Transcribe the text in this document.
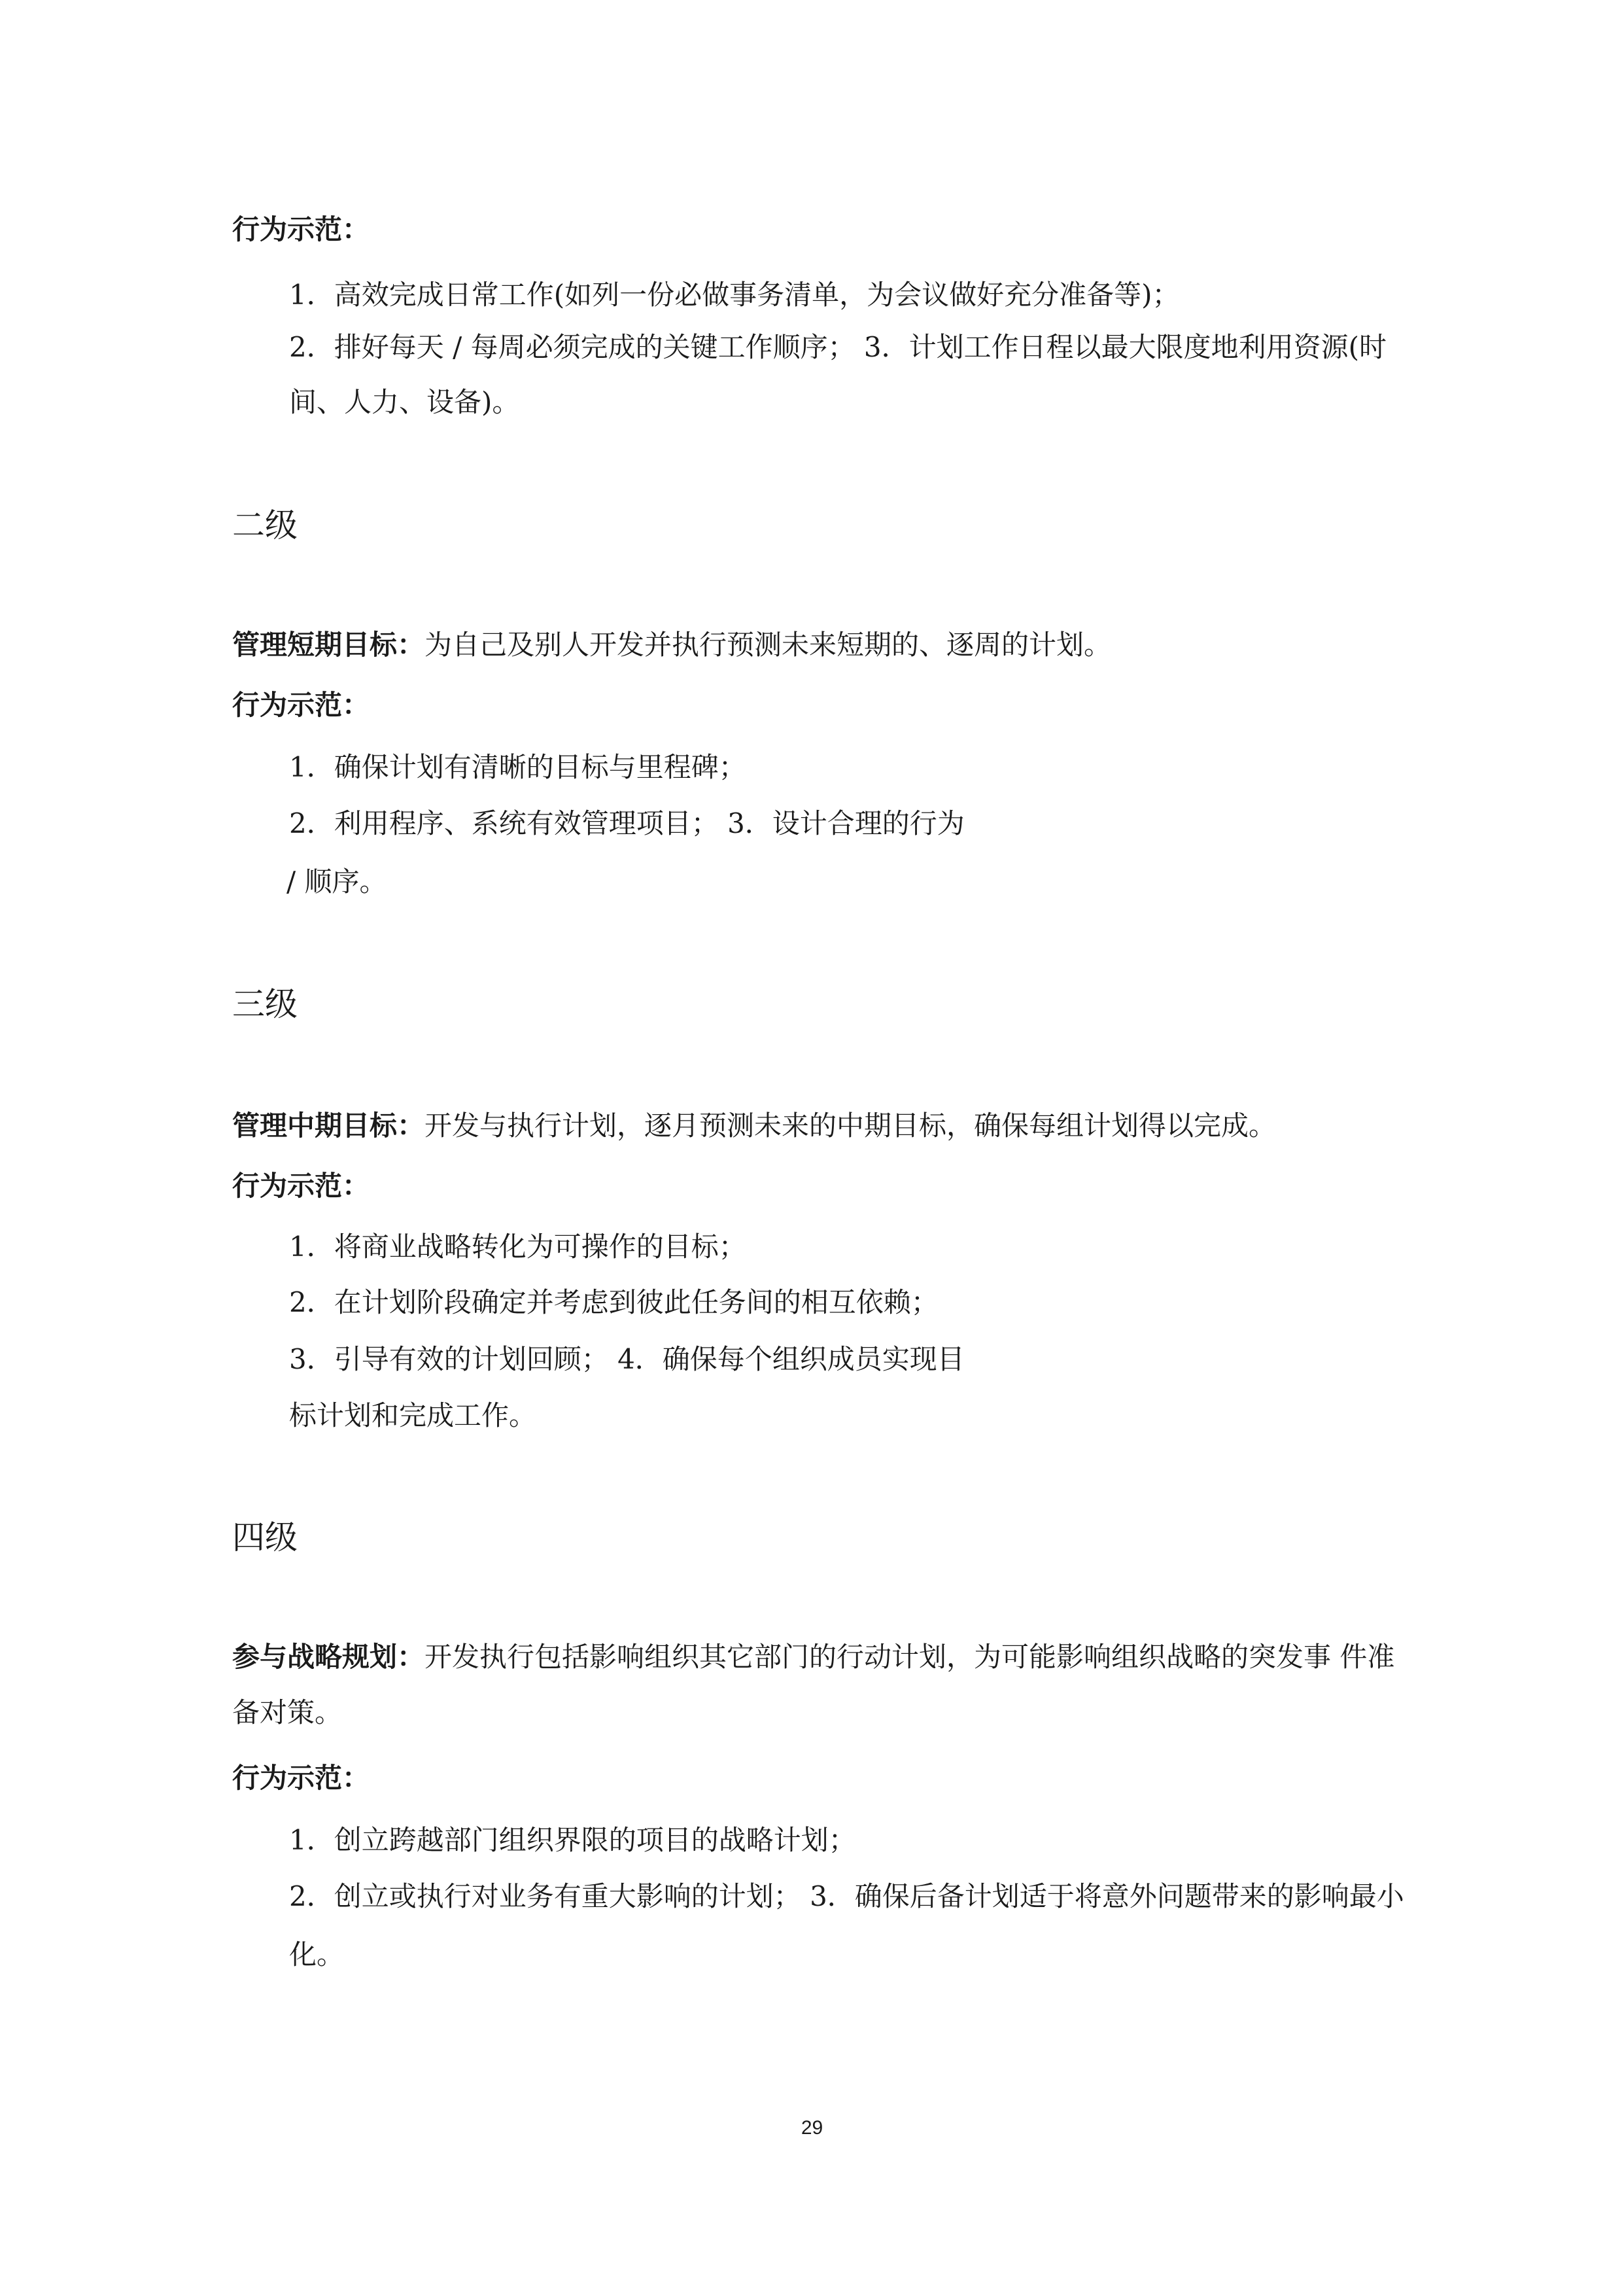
行为示范：
1．高效完成日常工作(如列一份必做事务清单，为会议做好充分准备等)；
2．排好每天 / 每周必须完成的关键工作顺序； 3．计划工作日程以最大限度地利用资源(时
间、人力、设备)。
二级
管理短期目标：为自己及别人开发并执行预测未来短期的、逐周的计划。
行为示范：
1．确保计划有清晰的目标与里程碑；
2．利用程序、系统有效管理项目； 3．设计合理的行为
/ 顺序。
三级
管理中期目标：开发与执行计划，逐月预测未来的中期目标，确保每组计划得以完成。
行为示范：
1．将商业战略转化为可操作的目标；
2．在计划阶段确定并考虑到彼此任务间的相互依赖；
3．引导有效的计划回顾； 4．确保每个组织成员实现目
标计划和完成工作。
四级
参与战略规划：开发执行包括影响组织其它部门的行动计划，为可能影响组织战略的突发事 件准
备对策。
行为示范：
1．创立跨越部门组织界限的项目的战略计划；
2．创立或执行对业务有重大影响的计划； 3．确保后备计划适于将意外问题带来的影响最小
化。
29
